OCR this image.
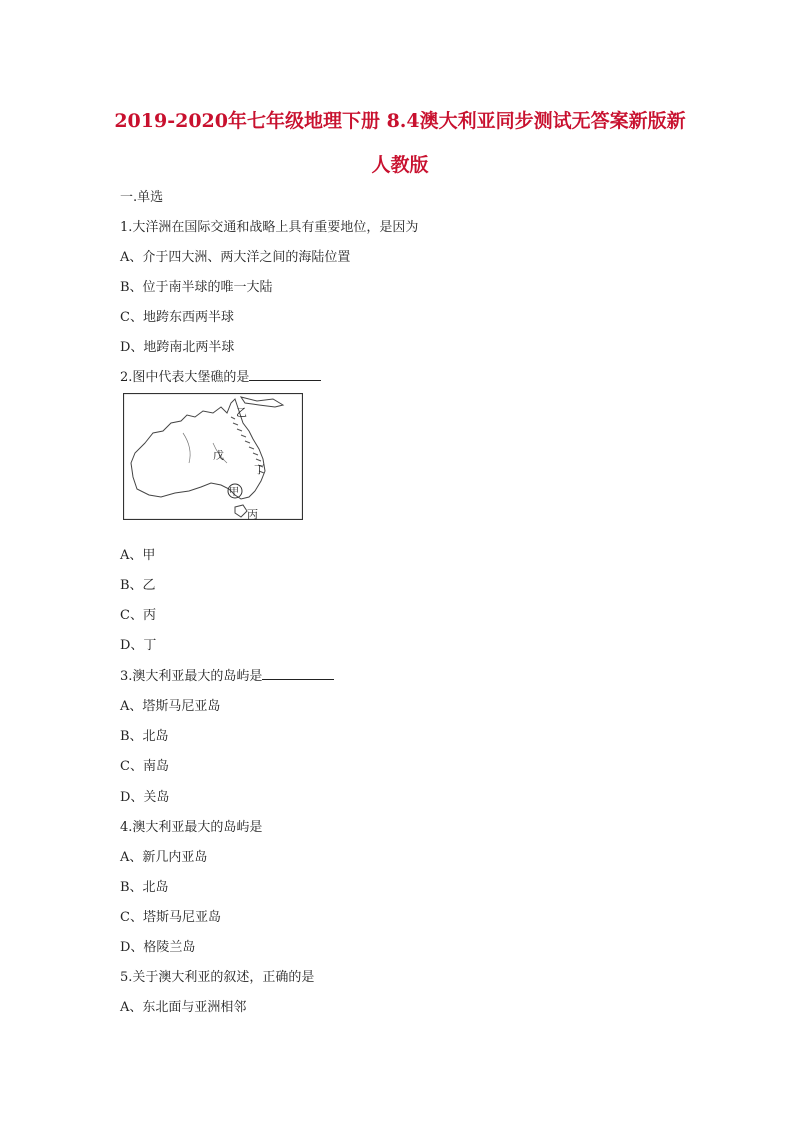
2019-2020年七年级地理下册 8.4澳大利亚同步测试无答案新版新
人教版

一.单选

1.大洋洲在国际交通和战略上具有重要地位，是因为

A、介于四大洲、两大洋之间的海陆位置

B、位于南半球的唯一大陆

C、地跨东西两半球

D、地跨南北两半球

2.图中代表大堡礁的是

乙
戊
丁
甲
丙

A、甲

B、乙

C、丙

D、丁

3.澳大利亚最大的岛屿是

A、塔斯马尼亚岛

B、北岛

C、南岛

D、关岛

4.澳大利亚最大的岛屿是

A、新几内亚岛

B、北岛

C、塔斯马尼亚岛

D、格陵兰岛

5.关于澳大利亚的叙述，正确的是

A、东北面与亚洲相邻
